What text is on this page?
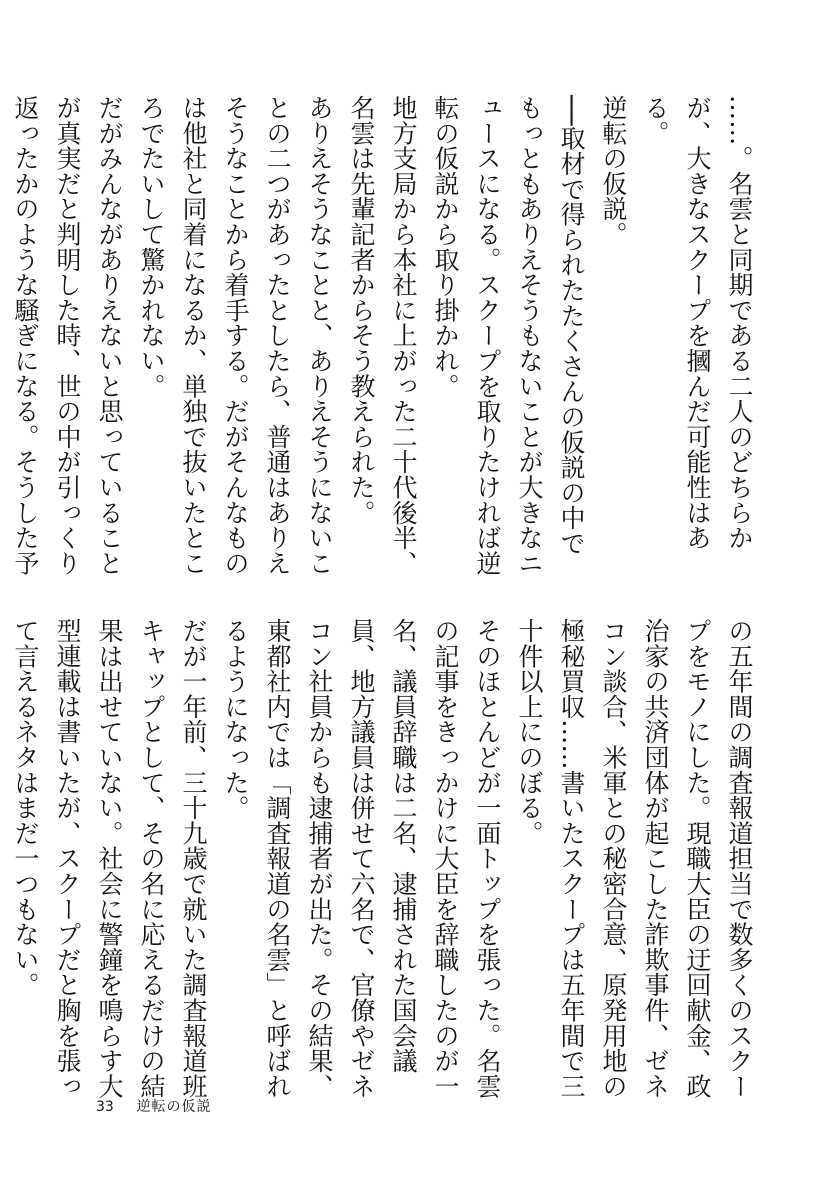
……。名雲と同期である二人のどちらかが、大きなスクープを摑んだ可能性はある。

逆転の仮説。

──取材で得られたたくさんの仮説の中でもっともありえそうもないことが大きなニュースになる。スクープを取りたければ逆転の仮説から取り掛かれ。

地方支局から本社に上がった二十代後半、名雲は先輩記者からそう教えられた。

ありえそうなことと、ありえそうにないことの二つがあったとしたら、普通はありえそうなことから着手する。だがそんなものは他社と同着になるか、単独で抜いたところでたいして驚かれない。

だがみんながありえないと思っていることが真実だと判明した時、世の中が引っくり返ったかのような騒ぎになる。そうした予

の五年間の調査報道担当で数多くのスクープをモノにした。現職大臣の迂回献金、政治家の共済団体が起こした詐欺事件、ゼネコン談合、米軍との秘密合意、原発用地の極秘買収……書いたスクープは五年間で三十件以上にのぼる。

そのほとんどが一面トップを張った。名雲の記事をきっかけに大臣を辞職したのが一名、議員辞職は二名、逮捕された国会議員、地方議員は併せて六名で、官僚やゼネコン社員からも逮捕者が出た。その結果、東都社内では「調査報道の名雲」と呼ばれるようになった。

だが一年前、三十九歳で就いた調査報道班キャップとして、その名に応えるだけの結果は出せていない。社会に警鐘を鳴らす大型連載は書いたが、スクープだと胸を張って言えるネタはまだ一つもない。

33 逆転の仮説
